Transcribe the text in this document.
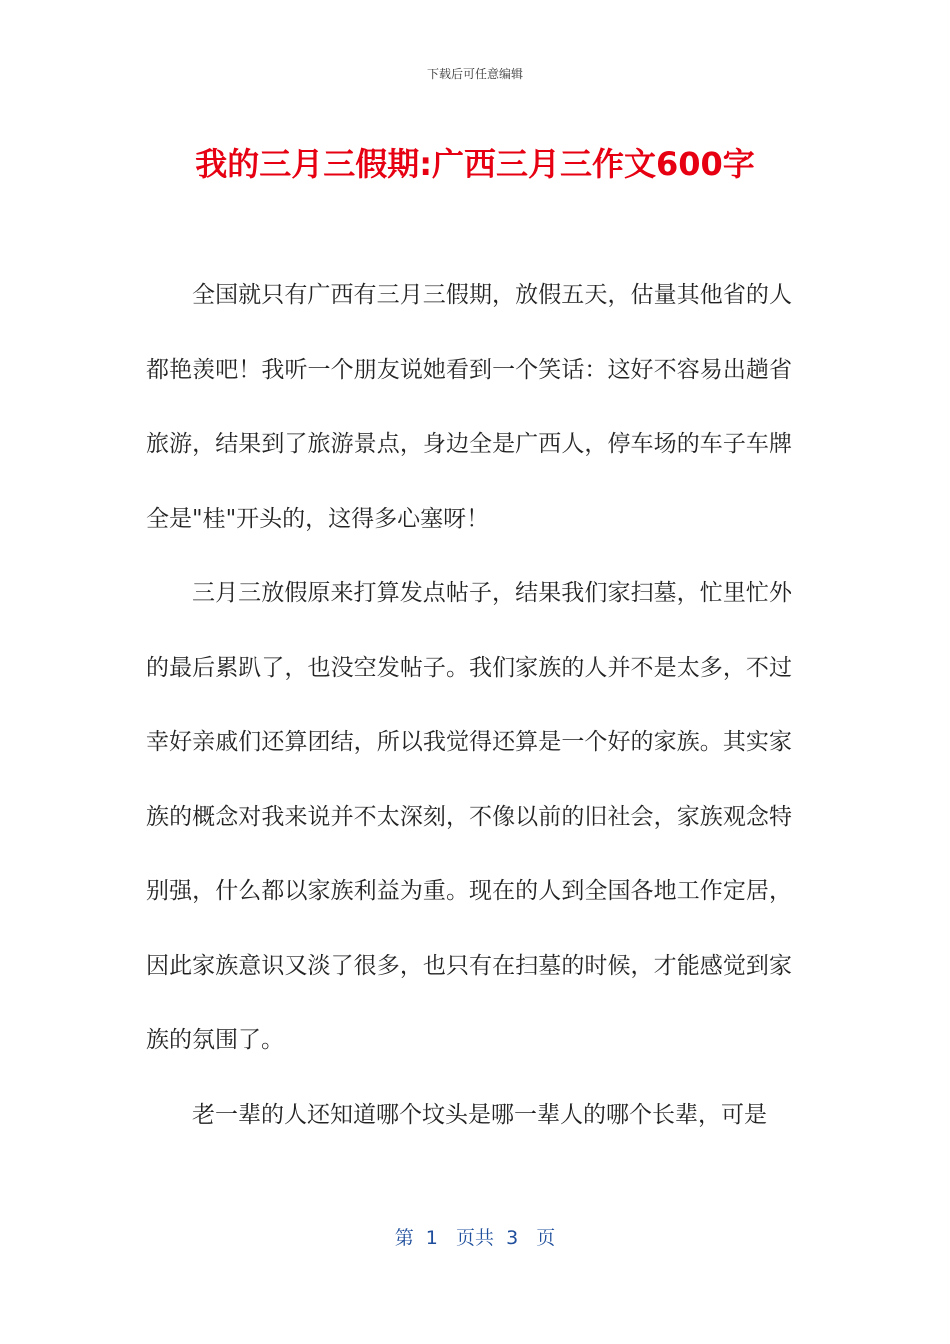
下载后可任意编辑
我的三月三假期:广西三月三作文600字

全国就只有广西有三月三假期，放假五天，估量其他省的人都艳羡吧！我听一个朋友说她看到一个笑话：这好不容易出趟省旅游，结果到了旅游景点，身边全是广西人，停车场的车子车牌全是"桂"开头的，这得多心塞呀！

三月三放假原来打算发点帖子，结果我们家扫墓，忙里忙外的最后累趴了，也没空发帖子。我们家族的人并不是太多，不过幸好亲戚们还算团结，所以我觉得还算是一个好的家族。其实家族的概念对我来说并不太深刻，不像以前的旧社会，家族观念特别强，什么都以家族利益为重。现在的人到全国各地工作定居，因此家族意识又淡了很多，也只有在扫墓的时候，才能感觉到家族的氛围了。

老一辈的人还知道哪个坟头是哪一辈人的哪个长辈，可是

第  1   页共  3   页
